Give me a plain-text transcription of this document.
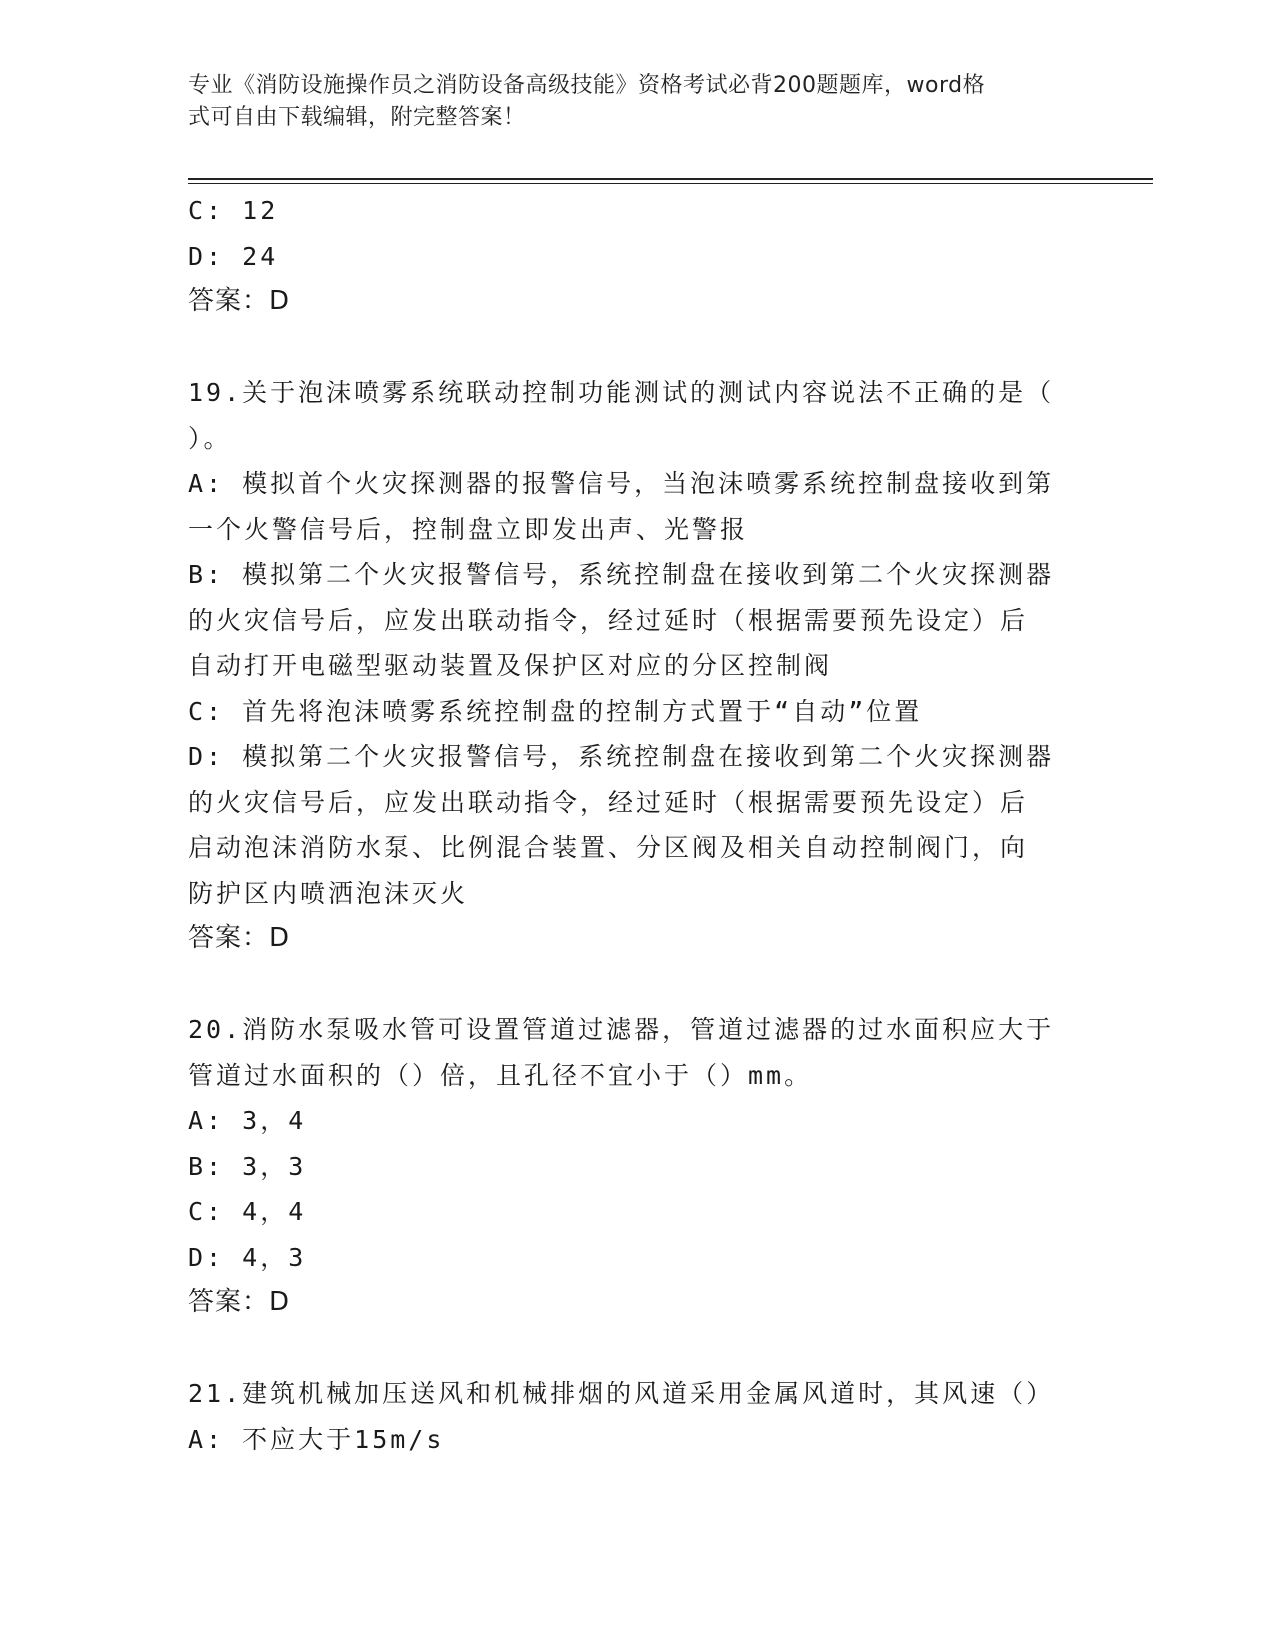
专业《消防设施操作员之消防设备高级技能》资格考试必背200题题库，word格
式可自由下载编辑，附完整答案！

C: 12

D: 24

答案：D

19.关于泡沫喷雾系统联动控制功能测试的测试内容说法不正确的是（

）。

A: 模拟首个火灾探测器的报警信号，当泡沫喷雾系统控制盘接收到第

一个火警信号后，控制盘立即发出声、光警报

B: 模拟第二个火灾报警信号，系统控制盘在接收到第二个火灾探测器

的火灾信号后，应发出联动指令，经过延时（根据需要预先设定）后

自动打开电磁型驱动装置及保护区对应的分区控制阀

C: 首先将泡沫喷雾系统控制盘的控制方式置于“自动”位置

D: 模拟第二个火灾报警信号，系统控制盘在接收到第二个火灾探测器

的火灾信号后，应发出联动指令，经过延时（根据需要预先设定）后

启动泡沫消防水泵、比例混合装置、分区阀及相关自动控制阀门，向

防护区内喷洒泡沫灭火

答案：D

20.消防水泵吸水管可设置管道过滤器，管道过滤器的过水面积应大于

管道过水面积的（）倍，且孔径不宜小于（）mm。

A: 3，4

B: 3，3

C: 4，4

D: 4，3

答案：D

21.建筑机械加压送风和机械排烟的风道采用金属风道时，其风速（）

A: 不应大于15m/s
